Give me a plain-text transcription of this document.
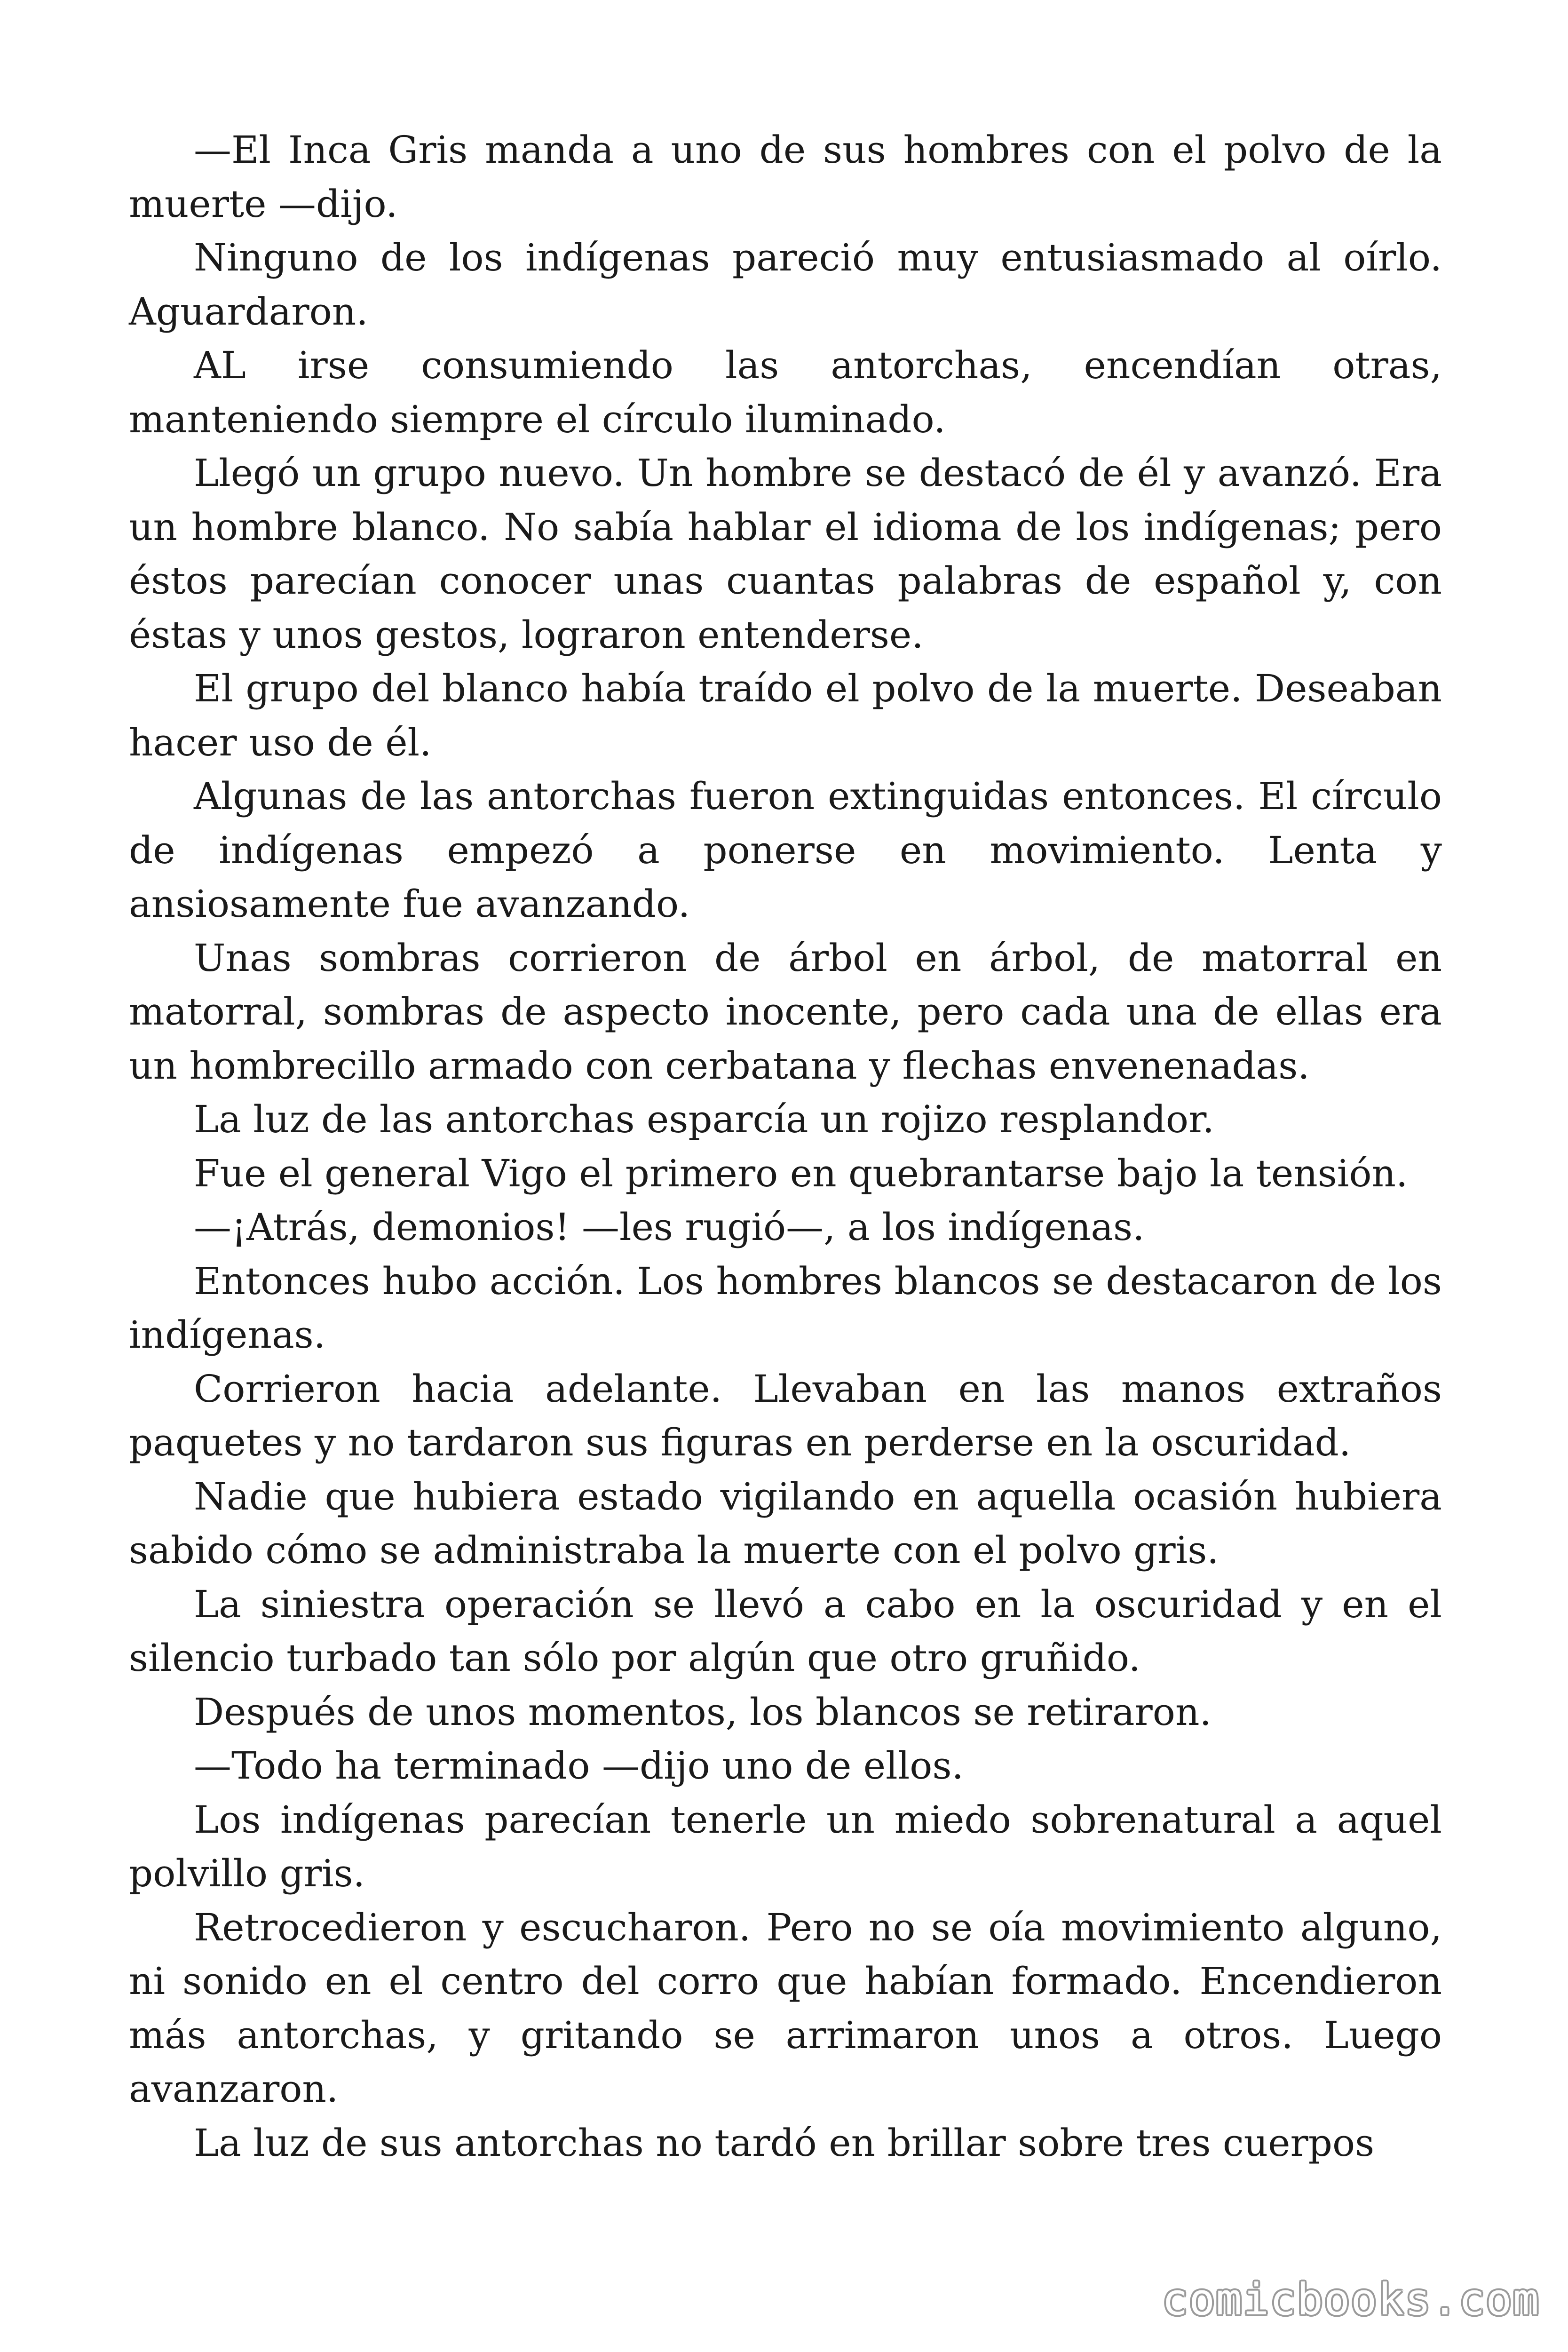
—El Inca Gris manda a uno de sus hombres con el polvo de la muerte —dijo.

Ninguno de los indígenas pareció muy entusiasmado al oírlo. Aguardaron.

AL irse consumiendo las antorchas, encendían otras, manteniendo siempre el círculo iluminado.

Llegó un grupo nuevo. Un hombre se destacó de él y avanzó. Era un hombre blanco. No sabía hablar el idioma de los indígenas; pero éstos parecían conocer unas cuantas palabras de español y, con éstas y unos gestos, lograron entenderse.

El grupo del blanco había traído el polvo de la muerte. Deseaban hacer uso de él.

Algunas de las antorchas fueron extinguidas entonces. El círculo de indígenas empezó a ponerse en movimiento. Lenta y ansiosamente fue avanzando.

Unas sombras corrieron de árbol en árbol, de matorral en matorral, sombras de aspecto inocente, pero cada una de ellas era un hombrecillo armado con cerbatana y flechas envenenadas.

La luz de las antorchas esparcía un rojizo resplandor.

Fue el general Vigo el primero en quebrantarse bajo la tensión.

—¡Atrás, demonios! —les rugió—, a los indígenas.

Entonces hubo acción. Los hombres blancos se destacaron de los indígenas.

Corrieron hacia adelante. Llevaban en las manos extraños paquetes y no tardaron sus figuras en perderse en la oscuridad.

Nadie que hubiera estado vigilando en aquella ocasión hubiera sabido cómo se administraba la muerte con el polvo gris.

La siniestra operación se llevó a cabo en la oscuridad y en el silencio turbado tan sólo por algún que otro gruñido.

Después de unos momentos, los blancos se retiraron.

—Todo ha terminado —dijo uno de ellos.

Los indígenas parecían tenerle un miedo sobrenatural a aquel polvillo gris.

Retrocedieron y escucharon. Pero no se oía movimiento alguno, ni sonido en el centro del corro que habían formado. Encendieron más antorchas, y gritando se arrimaron unos a otros. Luego avanzaron.

La luz de sus antorchas no tardó en brillar sobre tres cuerpos

comicbooks.com
